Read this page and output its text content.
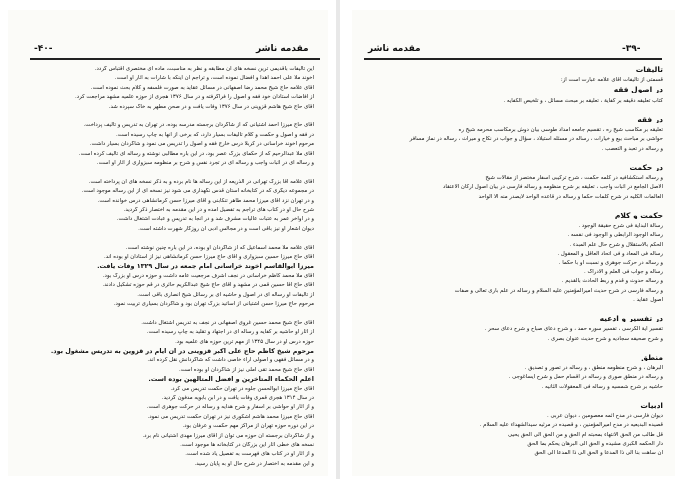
-۴۰-	مقدمه ناشر
این تألیفات باقدیمی ترین نسخه های آن مطابقه و نظر به مناسبت، ماده ای مختصری اقتباس گردد.
آخوند ملا علی احمد اهدا و افضال نموده است، و تراجم آن اینکه با شارات به آثار او است.
آقای علامه حاج شیخ محمد رضا اصفهانی در مسائل عقاید به صورت فلسفه و کلام بحث نموده است.
از افاضات استادان خود فقه و اصول را فراگرفته و در سال ۱۳۷۶ هجری از حوزه علمیه مشهد مراجعت کرد.
آقای حاج شیخ هاشم قزوینی در سال ۱۳۷۶ وفات یافت و در صحن مطهر به خاک سپرده شد.
آقای حاج میرزا احمد آشتیانی که از شاگردان برجسته مدرسه بوده، در تهران به تدریس و تألیف پرداخت.
در فقه و اصول و حکمت و کلام تألیفات بسیار دارد، که برخی از آنها به چاپ رسیده است.
مرحوم آخوند خراسانی در کربلا درس خارج فقه و اصول را تدریس می نمود و شاگردان بسیار داشت.
آقای ملا عبدالرحیم که از حکمای بزرگ عصر بود، در این باره مطالبی نوشته و رساله ای تألیف کرده است.
و رساله ای در اثبات واجب و رساله ای در تجرد نفس و شرح بر منظومه سبزواری از آثار او است.
آقای علامه آقا بزرگ تهرانی در الذریعه از این رساله ها نام برده و به ذکر نسخه های آن پرداخته است.
در مجموعه دیگری که در کتابخانه آستان قدس نگهداری می شود نیز نسخه ای از این رساله موجود است.
و در تهران نزد آقای میرزا محمد طاهر تنکابنی و آقای میرزا حسن کرمانشاهی درس خوانده است.
شرح حال او در کتاب های تراجم به تفصیل آمده و در این مقدمه به اختصار ذکر گردید.
و در اواخر عمر به عتبات عالیات مشرف شد و در آنجا به تدریس و عبادت اشتغال داشت.
دیوان اشعار او نیز باقی است و در مجالس ادبی آن روزگار شهرت داشته است.
آقای علامه ملا محمد اسماعیل که از شاگردان او بوده، در این باره چنین نوشته است.
آقای حاج میرزا حسین سبزواری و آقای حاج میرزا حسن کرمانشاهی نیز از استادان او بوده اند.
میرزا ابوالقاسم آخوند خراسانی امام جمعه در سال ۱۳۲۹ وفات یافت.
آقای ملا محمد کاظم خراسانی در نجف اشرف مرجعیت عامه داشت و حوزه درس او بزرگ بود.
آقای حاج آقا حسین قمی در مشهد و آقای حاج شیخ عبدالکریم حائری در قم حوزه تشکیل دادند.
از تألیفات او رساله ای در اصول و حاشیه ای بر رسائل شیخ انصاری باقی است.
مرحوم حاج میرزا حسن آشتیانی از اساتید بزرگ تهران بود و شاگردان بسیاری تربیت نمود.
آقای حاج شیخ محمد حسین غروی اصفهانی در نجف به تدریس اشتغال داشت.
از آثار او حاشیه بر کفایه و رساله ای در اجتهاد و تقلید به چاپ رسیده است.
حوزه درس او در سال ۱۳۴۵ از مهم ترین حوزه های علمیه بود.
مرحوم شیخ کاظم حاج علی اکبر قزوینی در آن ایام در قزوین به تدریس مشغول بود.
و در مسائل فقهی و اصولی آراء خاصی داشت که شاگردانش نقل کرده اند.
آقای حاج شیخ محمد تقی آملی نیز از شاگردان او بوده است.
اعلم الحکماء المتاخرین و افضل المتألهین بوده است.
آقای حاج میرزا ابوالحسن جلوه در تهران حکمت تدریس می کرد.
در سال ۱۳۱۴ هجری قمری وفات یافت و در ابن بابویه مدفون گردید.
و از آثار او حواشی بر اسفار و شرح هدایه و رساله در حرکت جوهری است.
آقای حاج میرزا محمد هاشم اشکوری نیز در تهران حکمت تدریس می نمود.
در این دوره حوزه تهران از مراکز مهم حکمت و عرفان بود.
و از شاگردان برجسته آن حوزه می توان از آقای میرزا مهدی آشتیانی نام برد.
نسخه های خطی آثار این بزرگان در کتابخانه ها موجود است.
و از آثار او در کتاب های فهرست به تفصیل یاد شده است.
و این مقدمه به اختصار در شرح حال او به پایان رسید.
مقدمه ناشر	-۳۹-
تألیفات
قسمتی از تألیفات آقای علامه عبارت است از:
در اصول فقه
کتاب تعلیقه دقیقه بر کفایة ، تعلیقه بر مبحث مسائل ، و تلخیص الکفایه .
در فقه
تعلیقه بر مکاسب شیخ ره ، تقسیم جامعه امداد طوسی بیان دوش برمکاسب محرمه شیخ ره
حواشی بر مباحث بیع و خیارات ، رساله در مسئله استیلاد ، سؤال و جواب در نکاح و میراث ، رساله در نماز مسافر
و رساله در تعبد و التعصب .
در حکمت
و رساله استکشافیه در کلمه حکمت ، شرح ترکیبی اسفار مختصر از مقالات شیخ
الاصل الجامع در اثبات واجب ، تعلیقه بر شرح منظومه و رساله فارسی در بیان اصول ارکان الاعتقاد
العالمات الکلیه در شرح کلمات حکما و رساله در قاعده الواحد لایصدر منه الا الواحد
حکمت و کلام
رسالة البدایة فی شرح حقیقة الوجود .
رساله الوجود الرابطی و الوجود فی نفسه .
الحکم بالاستقلال و شرح حال علم المبدء .
رساله فی المعاد و فی اتحاد العاقل و المعقول .
و رساله در حرکت جوهری و نسبت او با حکما .
رساله و جواب فی العلم و الادراک .
و رساله حدوث و قدم و ربط الحادث بالقدیم .
و رساله فارسی در شرح حدیث امیرالمؤمنین علیه السلام و رساله در علم باری تعالی و صفات
اصول عقاید .
در تفسیر و ادعیه
تفسیر آیة الکرسی ، تفسیر سوره حمد ، و شرح دعای صباح و شرح دعای سحر .
و شرح صحیفه سجادیه و شرح حدیث عنوان بصری .
منطق
البرهان ، و شرح منظومه منطق ، و رساله در تصور و تصدیق .
و رساله در منطق صوری و رساله در اقسام حمل و شرح ایساغوجی .
حاشیه بر شرح شمسیه و رساله فی المعقولات الثانیه .
ادبیات
دیوان فارسی در مدح ائمه معصومین ، دیوان عربی .
قصیده البدیعیه در مدح امیرالمؤمنین ، و قصیده در مرثیه سیدالشهداء علیه السلام .
قل طالب من الحق الانتهاء بمحبته ام الحق و من الحق الی الحق یحیی
دار الحکمه الکبری مشیده و الحق الی البرهان یحکم بما الحق
ان ساهت بنا الی ذا المدعا و الحق الی ذا المدعا الی الحق
